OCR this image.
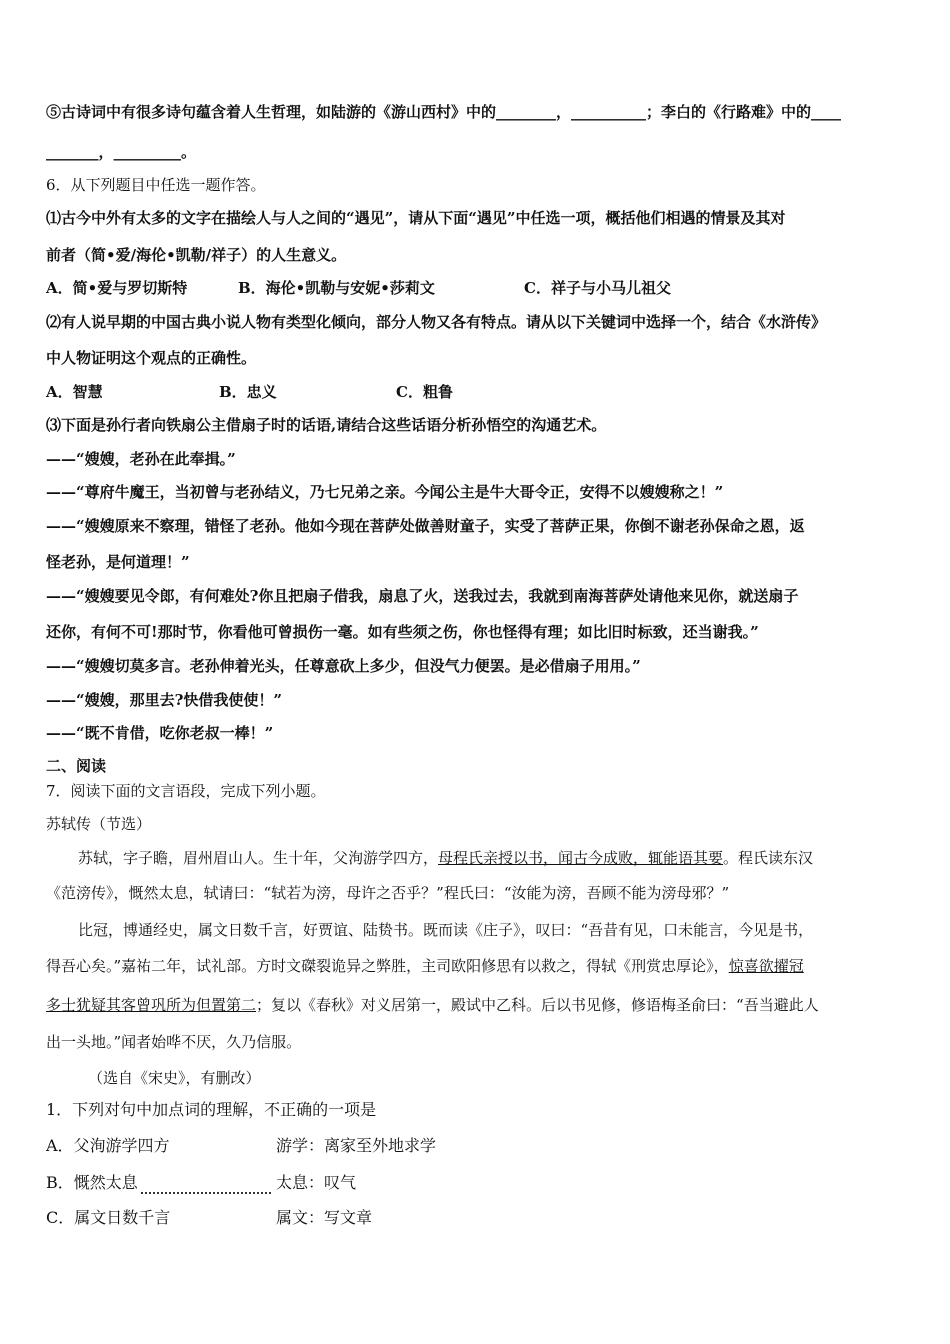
⑤古诗词中有很多诗句蕴含着人生哲理，如陆游的《游山西村》中的________，__________；李白的《行路难》中的____
_______，_________。
6．从下列题目中任选一题作答。
⑴古今中外有太多的文字在描绘人与人之间的“遇见”，请从下面“遇见”中任选一项，概括他们相遇的情景及其对
前者（简•爱/海伦•凯勒/祥子）的人生意义。
A．简•爱与罗切斯特	B．海伦•凯勒与安妮•莎莉文	C．祥子与小马儿祖父
⑵有人说早期的中国古典小说人物有类型化倾向，部分人物又各有特点。请从以下关键词中选择一个，结合《水浒传》
中人物证明这个观点的正确性。
A．智慧	B．忠义	C．粗鲁
⑶下面是孙行者向铁扇公主借扇子时的话语,请结合这些话语分析孙悟空的沟通艺术。
——“嫂嫂，老孙在此奉揖。”
——“尊府牛魔王，当初曾与老孙结义，乃七兄弟之亲。今闻公主是牛大哥令正，安得不以嫂嫂称之！”
——“嫂嫂原来不察理，错怪了老孙。他如今现在菩萨处做善财童子，实受了菩萨正果，你倒不谢老孙保命之恩，返
怪老孙，是何道理！”
——“嫂嫂要见令郎，有何难处?你且把扇子借我，扇息了火，送我过去，我就到南海菩萨处请他来见你，就送扇子
还你，有何不可!那时节，你看他可曾损伤一毫。如有些须之伤，你也怪得有理；如比旧时标致，还当谢我。”
——“嫂嫂切莫多言。老孙伸着光头，任尊意砍上多少，但没气力便罢。是必借扇子用用。”
——“嫂嫂，那里去?快借我使使！”
——“既不肯借，吃你老叔一棒！”
二、阅读
7．阅读下面的文言语段，完成下列小题。
苏轼传（节选）
苏轼，字子瞻，眉州眉山人。生十年，父洵游学四方，母程氏亲授以书，闻古今成败，辄能语其要。程氏读东汉
《范滂传》，慨然太息，轼请曰：“轼若为滂，母许之否乎？”程氏曰：“汝能为滂，吾顾不能为滂母邪？”
比冠，博通经史，属文日数千言，好贾谊、陆贽书。既而读《庄子》，叹曰：“吾昔有见，口未能言，今见是书，
得吾心矣。”嘉祐二年，试礼部。方时文磔裂诡异之弊胜，主司欧阳修思有以救之，得轼《刑赏忠厚论》，惊喜欲擢冠
多士犹疑其客曾巩所为但置第二；复以《春秋》对义居第一，殿试中乙科。后以书见修，修语梅圣俞曰：“吾当避此人
出一头地。”闻者始哗不厌，久乃信服。
（选自《宋史》，有删改）
1．下列对句中加点词的理解，不正确的一项是
A．父洵游学四方	游学：离家至外地求学
B．慨然太息	太息：叹气
C．属文日数千言	属文：写文章
